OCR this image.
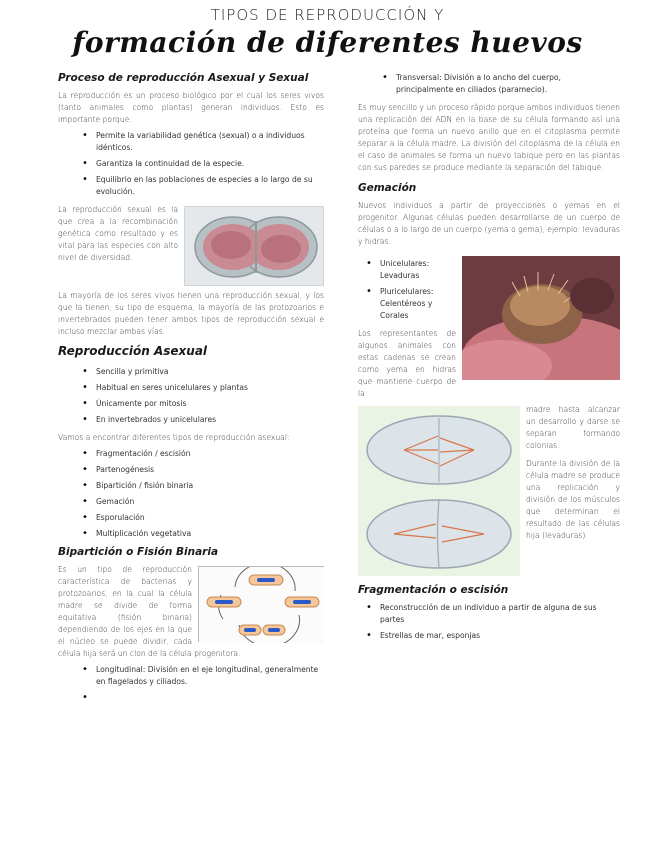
TIPOS DE REPRODUCCIÓN Y
formación de diferentes huevos
Proceso de reproducción Asexual y Sexual

La reproducción es un proceso biológico por el cual los seres vivos (tanto animales como plantas) generan individuos. Esto es importante porque:

• Permite la variabilidad genética (sexual) o a individuos idénticos.
• Garantiza la continuidad de la especie.
• Equilibrio en las poblaciones de especies a lo largo de su evolución.

La reproducción sexual es la que crea a la recombinación genética como resultado y es vital para las especies con alto nivel de diversidad.

La mayoría de los seres vivos tienen una reproducción sexual, y los que la tienen, su tipo de esquema, la mayoría de las protozoarios e invertebrados pueden tener ambos tipos de reproducción sexual e incluso mezclar ambas vías.

Reproducción Asexual
• Sencilla y primitiva
• Habitual en seres unicelulares y plantas
• Únicamente por mitosis
• En invertebrados y unicelulares

Vamos a encontrar diferentes tipos de reproducción asexual:

• Fragmentación / escisión
• Partenogénesis
• Bipartición / fisión binaria
• Gemación
• Esporulación
• Multiplicación vegetativa
Bipartición o Fisión Binaria

Es un tipo de reproducción característica de bacterias y protozoarios, en la cual la célula madre se divide de forma equitativa (fisión binaria) dependiendo de los ejes en la que el núcleo se puede dividir, cada célula hija será un clon de la célula progenitora.

• Longitudinal: División en el eje longitudinal, generalmente en flagelados y ciliados.
• Transversal: División a lo ancho del cuerpo, principalmente en ciliados (paramecio).

Es muy sencillo y un proceso rápido porque ambos individuos tienen una replicación del ADN en la base de su célula formando así una proteína que forma un nuevo anillo que en el citoplasma permite separar a la célula madre. La división del citoplasma de la célula en el caso de animales se forma un nuevo tabique pero en las plantas con sus paredes se produce mediante la separación del tabique.

Gemación

Nuevos individuos a partir de proyecciones o yemas en el progenitor. Algunas células pueden desarrollarse de un cuerpo de células o a lo largo de un cuerpo (yema o gema), ejemplo: levaduras y hidras.

• Unicelulares: Levaduras
• Pluricelulares: Celentéreos y Corales

Los representantes de algunos animales con estas cadenas se crean como yema en hidras que mantiene cuerpo de la

madre hasta alcanzar un desarrollo y darse se separan formando colonias.

Durante la división de la célula madre se produce una replicación y división de los músculos que determinan el resultado de las células hija (levaduras).

Fragmentación o escisión
• Reconstrucción de un individuo a partir de alguna de sus partes
• Estrellas de mar, esponjas
